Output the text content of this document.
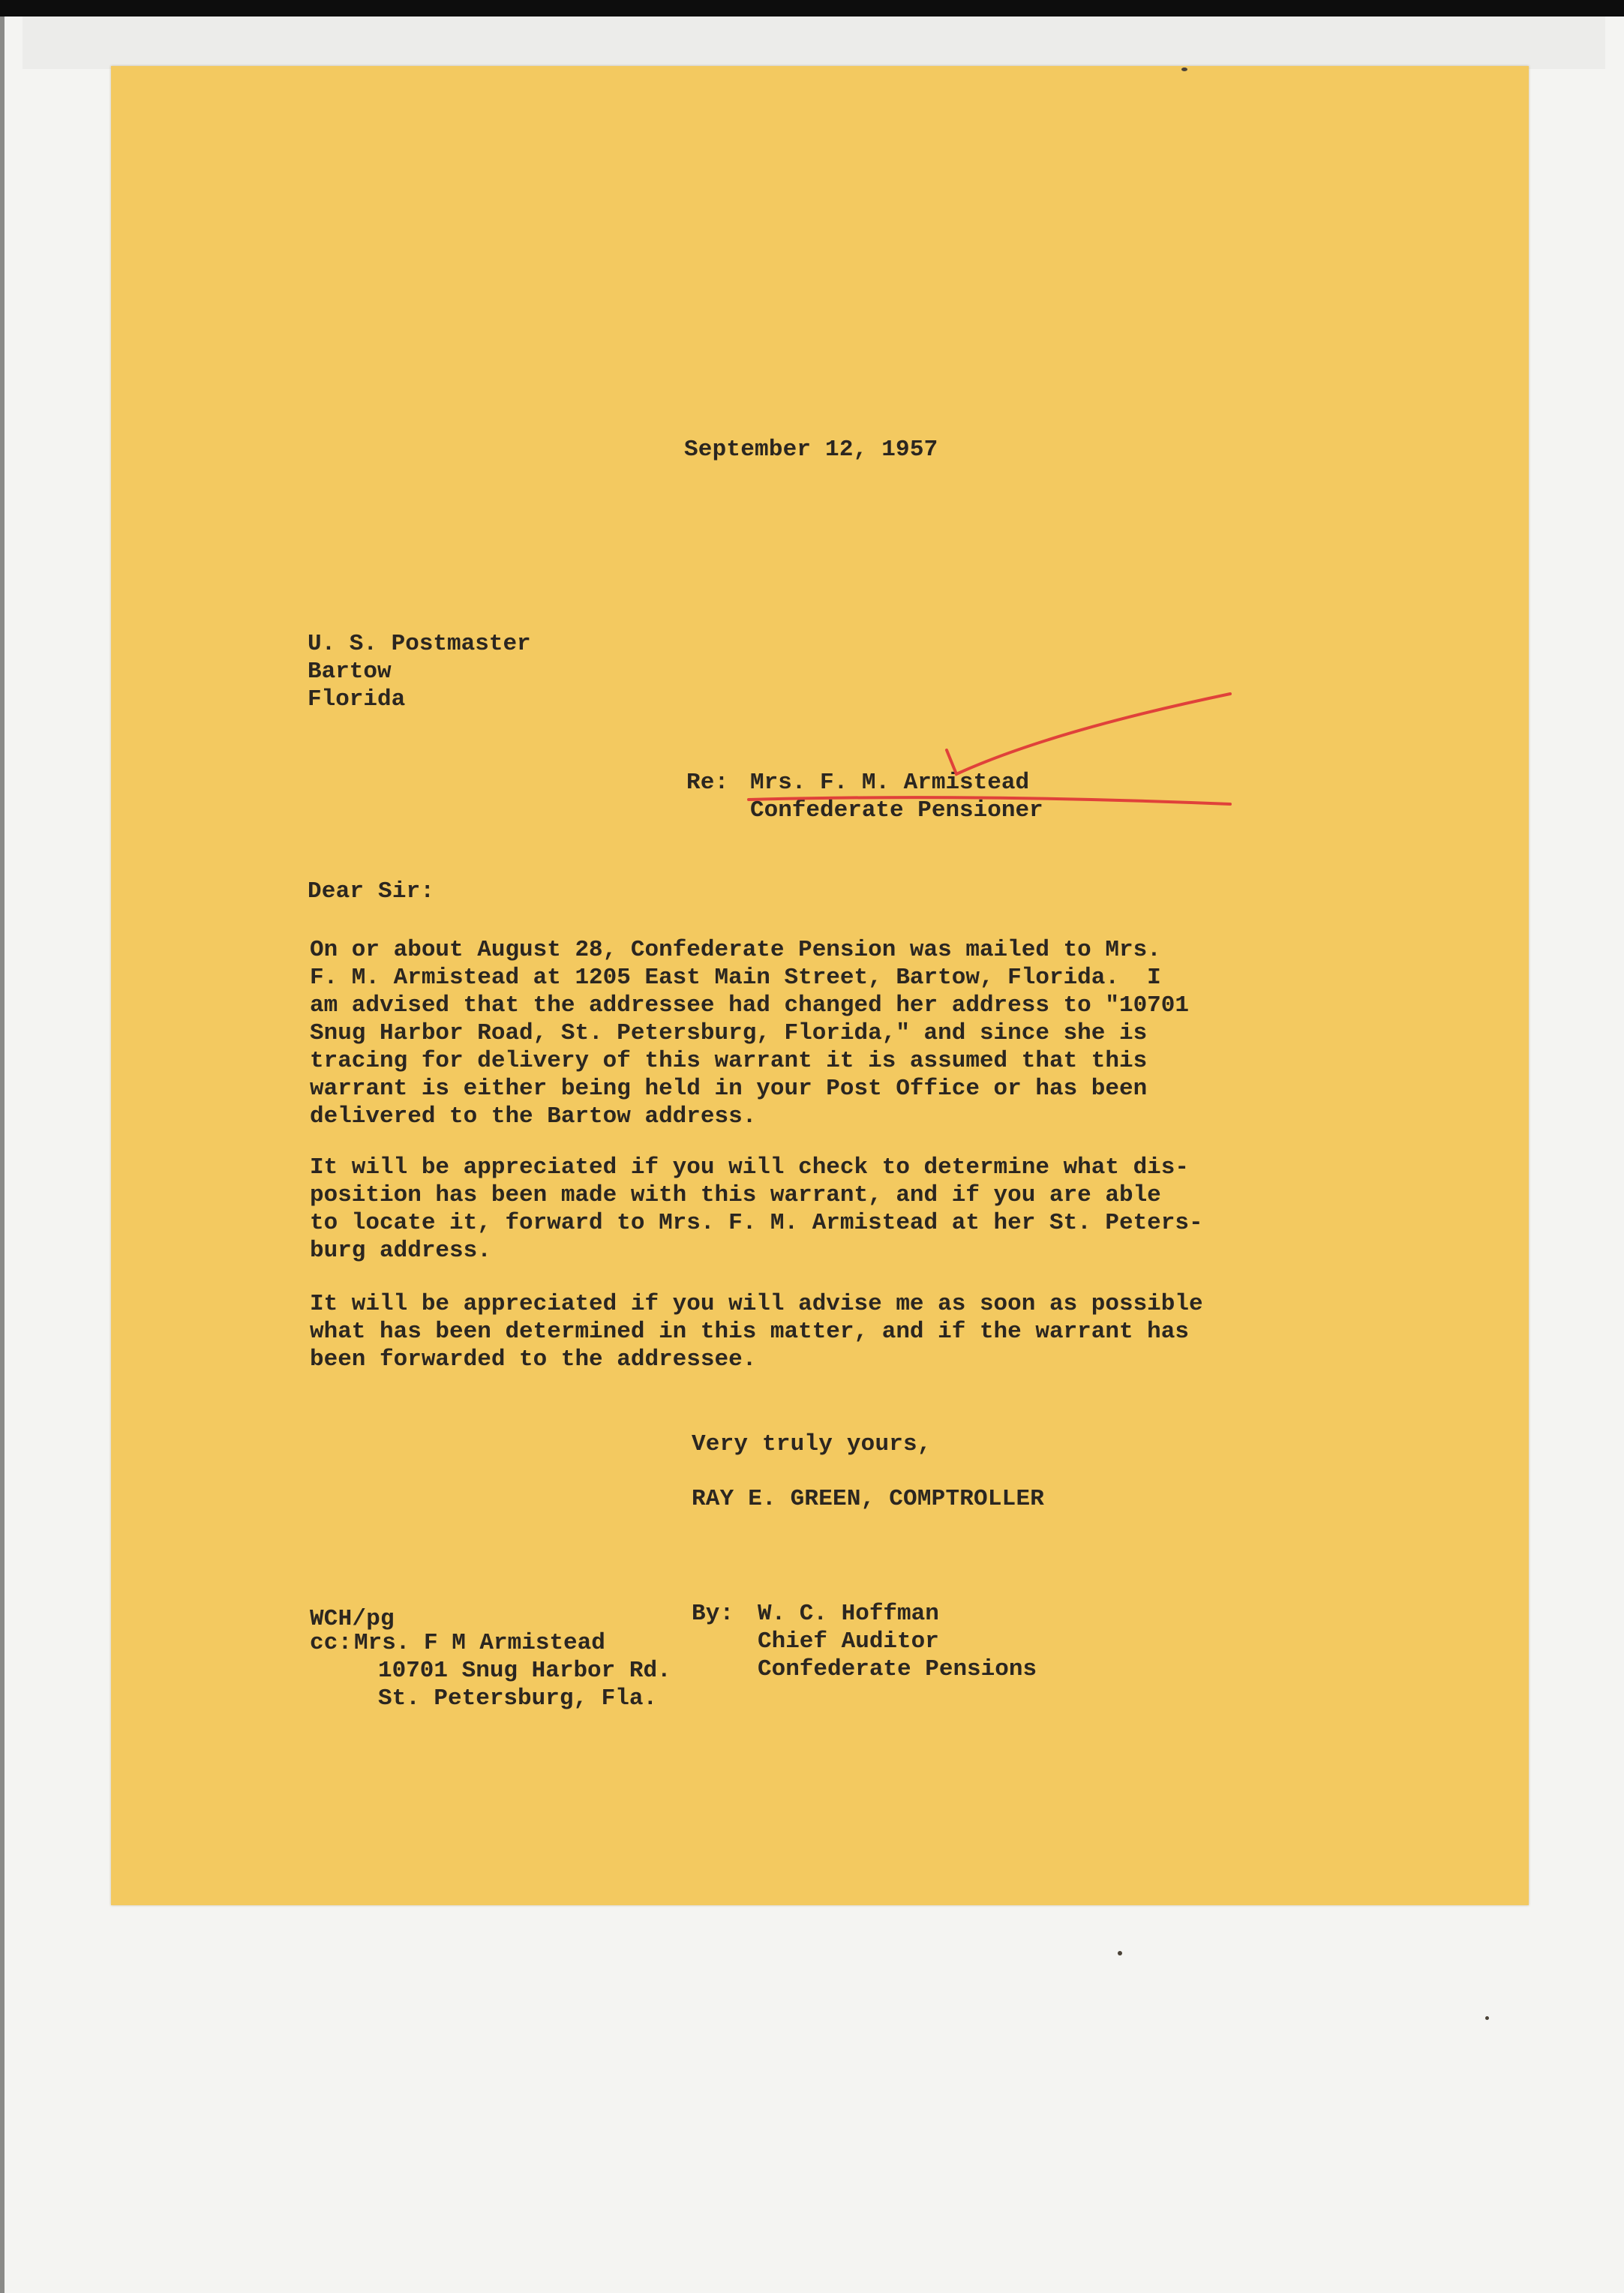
September 12, 1957
U. S. Postmaster
Bartow
Florida
Re: Mrs. F. M. Armistead
Confederate Pensioner
Dear Sir:
On or about August 28, Confederate Pension was mailed to Mrs.
F. M. Armistead at 1205 East Main Street, Bartow, Florida.  I
am advised that the addressee had changed her address to "10701
Snug Harbor Road, St. Petersburg, Florida," and since she is
tracing for delivery of this warrant it is assumed that this
warrant is either being held in your Post Office or has been
delivered to the Bartow address.
It will be appreciated if you will check to determine what dis-
position has been made with this warrant, and if you are able
to locate it, forward to Mrs. F. M. Armistead at her St. Peters-
burg address.
It will be appreciated if you will advise me as soon as possible
what has been determined in this matter, and if the warrant has
been forwarded to the addressee.
Very truly yours,
RAY E. GREEN, COMPTROLLER
By: W. C. Hoffman
Chief Auditor
Confederate Pensions
WCH/pg
cc: Mrs. F M Armistead
10701 Snug Harbor Rd.
St. Petersburg, Fla.
